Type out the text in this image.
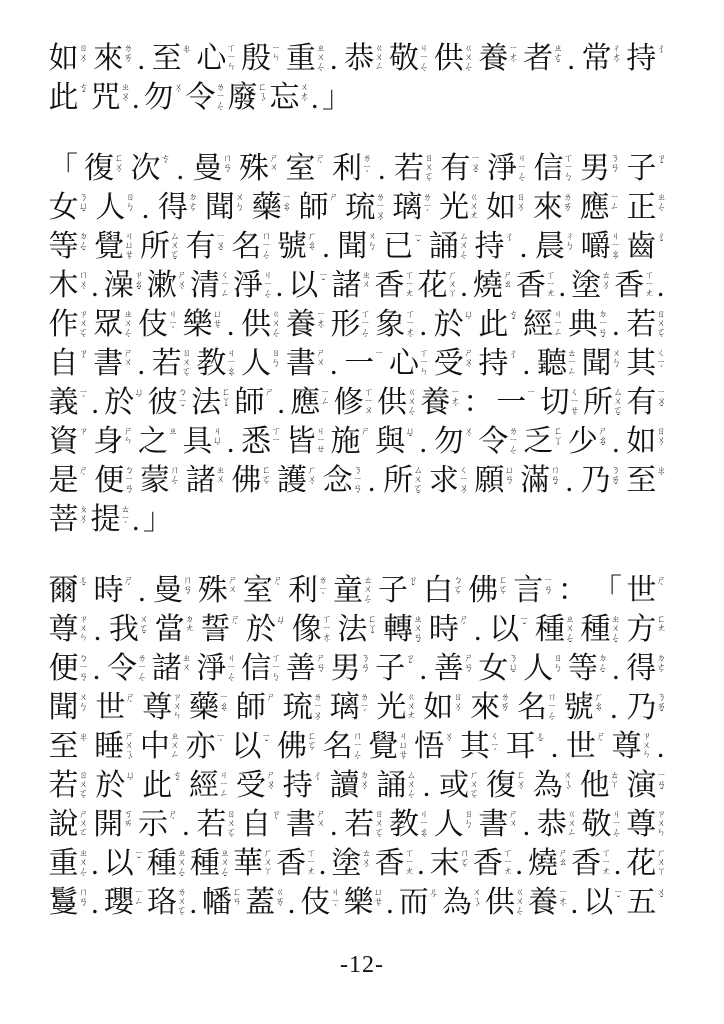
如 ㄖ
ㄨ
ˊ 來 ㄌ
ㄞ
ˊ . 至 ㄓ
ˋ 心 ㄒ
ㄧ
ㄣ 殷 ㄧ
ㄣ 重 ㄓ
ㄨ
ㄥ
ˋ . 恭 ㄍ
ㄨ
ㄥ 敬 ㄐ
ㄧ
ㄥ
ˋ 供 ㄍ
ㄨ
ㄥ
ˋ 養 ㄧ
ㄤ
ˋ 者 ㄓ
ㄜ
ˇ . 常 ㄔ
ㄤ
ˊ 持 ㄔ
ˊ
此 ㄘ
ˇ 咒 ㄓ
ㄡ
ˋ . 勿 ㄨ
ˋ 令 ㄌ
ㄧ
ㄥ
ˋ 廢 ㄈ
ㄟ
ˋ 忘 ㄨ
ㄤ
ˋ . 」
「 復 ㄈ
ㄨ
ˋ 次 ㄘ
ˋ . 曼 ㄇ
ㄢ
ˋ 殊 ㄕ
ㄨ 室 ㄕ
ˋ 利 ㄌ
ㄧ
ˋ . 若 ㄖ
ㄨ
ㄛ
ˋ 有 ㄧ
ㄡ
ˇ 淨 ㄐ
ㄧ
ㄥ
ˋ 信 ㄒ
ㄧ
ㄣ
ˋ 男 ㄋ
ㄢ
ˊ 子 ㄗ
ˇ
女 ㄋ
ㄩ
ˇ 人 ㄖ
ㄣ
ˊ . 得 ㄉ
ㄜ
ˊ 聞 ㄨ
ㄣ
ˊ 藥 ㄧ
ㄠ
ˋ 師 ㄕ 琉 ㄌ
ㄧ
ㄡ
ˊ 璃 ㄌ
ㄧ
ˊ 光 ㄍ
ㄨ
ㄤ 如 ㄖ
ㄨ
ˊ 來 ㄌ
ㄞ
ˊ 應 ㄧ
ㄥ 正 ㄓ
ㄥ
ˋ
等 ㄉ
ㄥ
ˇ 覺 ㄐ
ㄩ
ㄝ
ˊ 所 ㄙ
ㄨ
ㄛ
ˇ 有 ㄧ
ㄡ
ˇ 名 ㄇ
ㄧ
ㄥ
ˊ 號 ㄏ
ㄠ
ˋ . 聞 ㄨ
ㄣ
ˊ 已 ㄧ
ˇ 誦 ㄙ
ㄨ
ㄥ
ˋ 持 ㄔ
ˊ . 晨 ㄔ
ㄣ
ˊ 嚼 ㄐ
ㄧ
ㄠ
ˊ 齒 ㄔ
ˇ
木 ㄇ
ㄨ
ˋ . 澡 ㄗ
ㄠ
ˇ 漱 ㄕ
ㄨ
ˋ 清 ㄑ
ㄧ
ㄥ 淨 ㄐ
ㄧ
ㄥ
ˋ . 以 ㄧ
ˇ 諸 ㄓ
ㄨ 香 ㄒ
ㄧ
ㄤ 花 ㄏ
ㄨ
ㄚ . 燒 ㄕ
ㄠ 香 ㄒ
ㄧ
ㄤ . 塗 ㄊ
ㄨ
ˊ 香 ㄒ
ㄧ
ㄤ .
作 ㄗ
ㄨ
ㄛ
ˋ 眾 ㄓ
ㄨ
ㄥ
ˋ 伎 ㄐ
ㄧ
ˋ 樂 ㄩ
ㄝ
ˋ . 供 ㄍ
ㄨ
ㄥ
ˋ 養 ㄧ
ㄤ
ˋ 形 ㄒ
ㄧ
ㄥ
ˊ 象 ㄒ
ㄧ
ㄤ
ˋ . 於 ㄩ
ˊ 此 ㄘ
ˇ 經 ㄐ
ㄧ
ㄥ 典 ㄉ
ㄧ
ㄢ
ˇ . 若 ㄖ
ㄨ
ㄛ
ˋ
自 ㄗ
ˋ 書 ㄕ
ㄨ . 若 ㄖ
ㄨ
ㄛ
ˋ 教 ㄐ
ㄧ
ㄠ
ˋ 人 ㄖ
ㄣ
ˊ 書 ㄕ
ㄨ . 一 ㄧ 心 ㄒ
ㄧ
ㄣ 受 ㄕ
ㄡ
ˋ 持 ㄔ
ˊ . 聽 ㄊ
ㄧ
ㄥ 聞 ㄨ
ㄣ
ˊ 其 ㄑ
ㄧ
ˊ
義 ㄧ
ˋ . 於 ㄩ
ˊ 彼 ㄅ
ㄧ
ˇ 法 ㄈ
ㄚ
ˇ 師 ㄕ . 應 ㄧ
ㄥ 修 ㄒ
ㄧ
ㄡ 供 ㄍ
ㄨ
ㄥ
ˋ 養 ㄧ
ㄤ
ˋ ： 一 ㄧ 切 ㄑ
ㄧ
ㄝ
ˋ 所 ㄙ
ㄨ
ㄛ
ˇ 有 ㄧ
ㄡ
ˇ
資 ㄗ 身 ㄕ
ㄣ 之 ㄓ 具 ㄐ
ㄩ
ˋ . 悉 ㄒ
ㄧ 皆 ㄐ
ㄧ
ㄝ 施 ㄕ 與 ㄩ
ˇ . 勿 ㄨ
ˋ 令 ㄌ
ㄧ
ㄥ
ˋ 乏 ㄈ
ㄚ
ˊ 少 ㄕ
ㄠ
ˇ . 如 ㄖ
ㄨ
ˊ
是 ㄕ
ˋ 便 ㄅ
ㄧ
ㄢ
ˋ 蒙 ㄇ
ㄥ
ˊ 諸 ㄓ
ㄨ 佛 ㄈ
ㄛ
ˊ 護 ㄏ
ㄨ
ˋ 念 ㄋ
ㄧ
ㄢ
ˋ . 所 ㄙ
ㄨ
ㄛ
ˇ 求 ㄑ
ㄧ
ㄡ
ˊ 願 ㄩ
ㄢ
ˋ 滿 ㄇ
ㄢ
ˇ . 乃 ㄋ
ㄞ
ˇ 至 ㄓ
ˋ
菩 ㄆ
ㄨ
ˊ 提 ㄊ
ㄧ
ˊ . 」
爾 ㄦ
ˇ 時 ㄕ
ˊ . 曼 ㄇ
ㄢ
ˋ 殊 ㄕ
ㄨ 室 ㄕ
ˋ 利 ㄌ
ㄧ
ˋ 童 ㄊ
ㄨ
ㄥ
ˊ 子 ㄗ
ˇ 白 ㄅ
ㄛ
ˊ 佛 ㄈ
ㄛ
ˊ 言 ㄧ
ㄢ
ˊ ： 「 世 ㄕ
ˋ
尊 ㄗ
ㄨ
ㄣ . 我 ㄨ
ㄛ
ˇ 當 ㄉ
ㄤ 誓 ㄕ
ˋ 於 ㄩ
ˊ 像 ㄒ
ㄧ
ㄤ
ˋ 法 ㄈ
ㄚ
ˇ 轉 ㄓ
ㄨ
ㄢ
ˇ 時 ㄕ
ˊ . 以 ㄧ
ˇ 種 ㄓ
ㄨ
ㄥ
ˇ 種 ㄓ
ㄨ
ㄥ
ˇ 方 ㄈ
ㄤ
便 ㄅ
ㄧ
ㄢ
ˋ . 令 ㄌ
ㄧ
ㄥ
ˋ 諸 ㄓ
ㄨ 淨 ㄐ
ㄧ
ㄥ
ˋ 信 ㄒ
ㄧ
ㄣ
ˋ 善 ㄕ
ㄢ
ˋ 男 ㄋ
ㄢ
ˊ 子 ㄗ
ˇ . 善 ㄕ
ㄢ
ˋ 女 ㄋ
ㄩ
ˇ 人 ㄖ
ㄣ
ˊ 等 ㄉ
ㄥ
ˇ . 得 ㄉ
ㄜ
ˊ
聞 ㄨ
ㄣ
ˊ 世 ㄕ
ˋ 尊 ㄗ
ㄨ
ㄣ 藥 ㄧ
ㄠ
ˋ 師 ㄕ 琉 ㄌ
ㄧ
ㄡ
ˊ 璃 ㄌ
ㄧ
ˊ 光 ㄍ
ㄨ
ㄤ 如 ㄖ
ㄨ
ˊ 來 ㄌ
ㄞ
ˊ 名 ㄇ
ㄧ
ㄥ
ˊ 號 ㄏ
ㄠ
ˋ . 乃 ㄋ
ㄞ
ˇ
至 ㄓ
ˋ 睡 ㄕ
ㄨ
ㄟ
ˋ 中 ㄓ
ㄨ
ㄥ 亦 ㄧ
ˋ 以 ㄧ
ˇ 佛 ㄈ
ㄛ
ˊ 名 ㄇ
ㄧ
ㄥ
ˊ 覺 ㄐ
ㄩ
ㄝ
ˊ 悟 ㄨ
ˋ 其 ㄑ
ㄧ
ˊ 耳 ㄦ
ˇ . 世 ㄕ
ˋ 尊 ㄗ
ㄨ
ㄣ .
若 ㄖ
ㄨ
ㄛ
ˋ 於 ㄩ
ˊ 此 ㄘ
ˇ 經 ㄐ
ㄧ
ㄥ 受 ㄕ
ㄡ
ˋ 持 ㄔ
ˊ 讀 ㄉ
ㄨ
ˊ 誦 ㄙ
ㄨ
ㄥ
ˋ . 或 ㄏ
ㄨ
ㄛ
ˋ 復 ㄈ
ㄨ
ˋ 為 ㄨ
ㄟ
ˋ 他 ㄊ
ㄚ 演 ㄧ
ㄢ
ˇ
說 ㄕ
ㄨ
ㄛ 開 ㄎ
ㄞ 示 ㄕ
ˋ . 若 ㄖ
ㄨ
ㄛ
ˋ 自 ㄗ
ˋ 書 ㄕ
ㄨ . 若 ㄖ
ㄨ
ㄛ
ˋ 教 ㄐ
ㄧ
ㄠ
ˋ 人 ㄖ
ㄣ
ˊ 書 ㄕ
ㄨ . 恭 ㄍ
ㄨ
ㄥ 敬 ㄐ
ㄧ
ㄥ
ˋ 尊 ㄗ
ㄨ
ㄣ
重 ㄓ
ㄨ
ㄥ
ˋ . 以 ㄧ
ˇ 種 ㄓ
ㄨ
ㄥ
ˇ 種 ㄓ
ㄨ
ㄥ
ˇ 華 ㄏ
ㄨ
ㄚ 香 ㄒ
ㄧ
ㄤ . 塗 ㄊ
ㄨ
ˊ 香 ㄒ
ㄧ
ㄤ . 末 ㄇ
ㄛ
ˋ 香 ㄒ
ㄧ
ㄤ . 燒 ㄕ
ㄠ 香 ㄒ
ㄧ
ㄤ . 花 ㄏ
ㄨ
ㄚ
鬘 ㄇ
ㄢ
ˊ . 瓔 ㄧ
ㄥ 珞 ㄌ
ㄨ
ㄛ
ˋ . 幡 ㄈ
ㄢ 蓋 ㄍ
ㄞ
ˋ . 伎 ㄐ
ㄧ
ˋ 樂 ㄩ
ㄝ
ˋ . 而 ㄦ
ˊ 為 ㄨ
ㄟ
ˋ 供 ㄍ
ㄨ
ㄥ
ˋ 養 ㄧ
ㄤ
ˋ . 以 ㄧ
ˇ 五 ㄨ
ˇ
-12-
